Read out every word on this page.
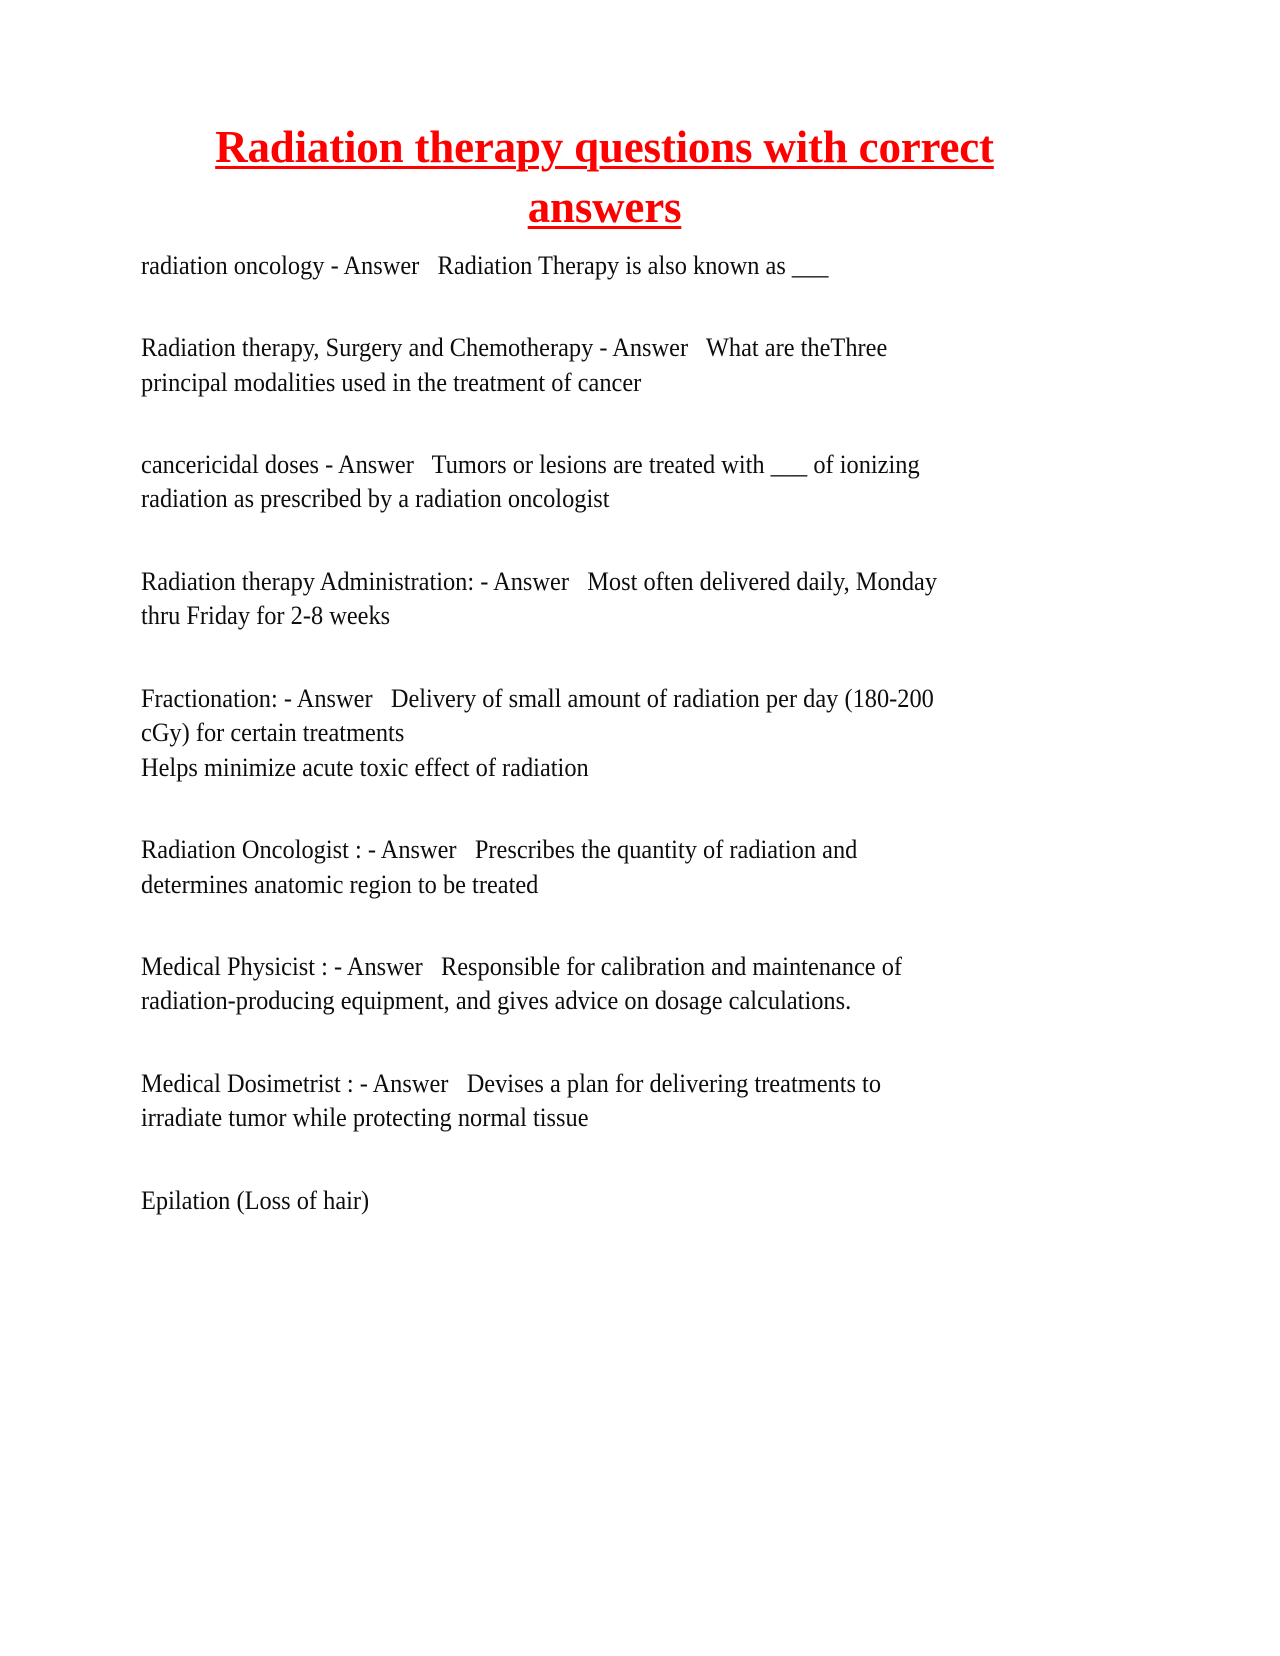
Radiation therapy questions with correct answers

radiation oncology - Answer   Radiation Therapy is also known as ___

Radiation therapy, Surgery and Chemotherapy - Answer   What are theThree

principal modalities used in the treatment of cancer

cancericidal doses - Answer   Tumors or lesions are treated with ___ of ionizing

radiation as prescribed by a radiation oncologist

Radiation therapy Administration: - Answer   Most often delivered daily, Monday

thru Friday for 2-8 weeks

Fractionation: - Answer   Delivery of small amount of radiation per day (180-200

cGy) for certain treatments

Helps minimize acute toxic effect of radiation

Radiation Oncologist : - Answer   Prescribes the quantity of radiation and

determines anatomic region to be treated

Medical Physicist : - Answer   Responsible for calibration and maintenance of

radiation-producing equipment, and gives advice on dosage calculations.

Medical Dosimetrist : - Answer   Devises a plan for delivering treatments to

irradiate tumor while protecting normal tissue

Epilation (Loss of hair)
